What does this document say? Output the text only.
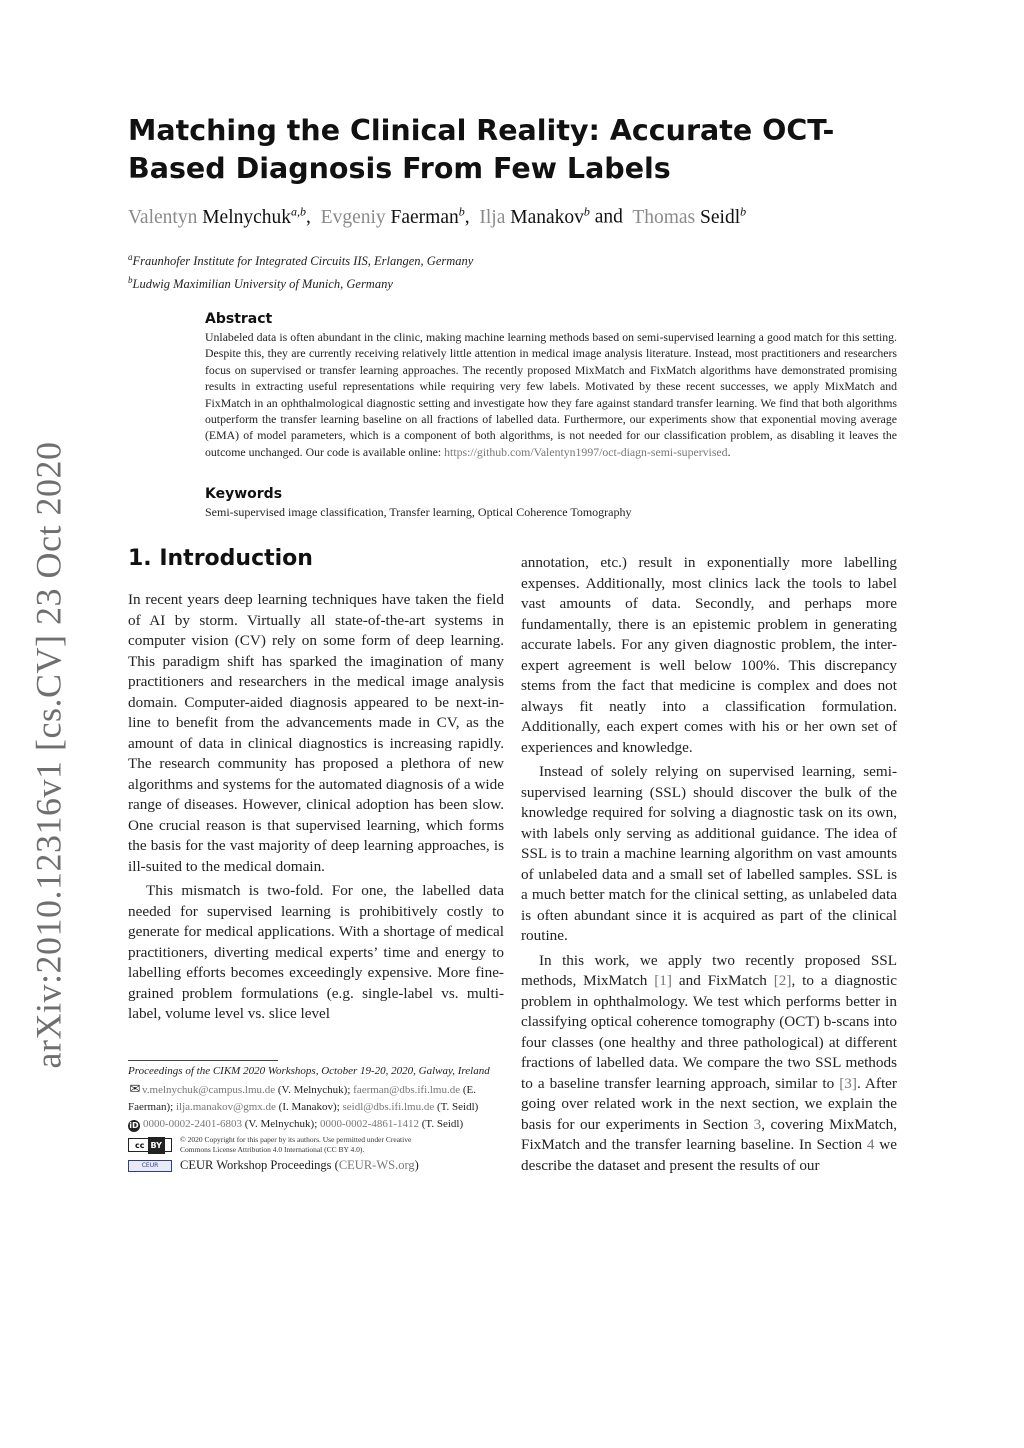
arXiv:2010.12316v1 [cs.CV] 23 Oct 2020
Matching the Clinical Reality: Accurate OCT-Based Diagnosis From Few Labels
Valentyn Melnychuk$^{a,b}$, Evgeniy Faerman$^b$, Ilja Manakov$^b$ and Thomas Seidl$^b$
$^a$Fraunhofer Institute for Integrated Circuits IIS, Erlangen, Germany
$^b$Ludwig Maximilian University of Munich, Germany
Abstract

Unlabeled data is often abundant in the clinic, making machine learning methods based on semi-supervised learning a good match for this setting. Despite this, they are currently receiving relatively little attention in medical image analysis literature. Instead, most practitioners and researchers focus on supervised or transfer learning approaches. The recently proposed MixMatch and FixMatch algorithms have demonstrated promising results in extracting useful representations while requiring very few labels. Motivated by these recent successes, we apply MixMatch and FixMatch in an ophthalmological diagnostic setting and investigate how they fare against standard transfer learning. We find that both algorithms outperform the transfer learning baseline on all fractions of labelled data. Furthermore, our experiments show that exponential moving average (EMA) of model parameters, which is a component of both algorithms, is not needed for our classification problem, as disabling it leaves the outcome unchanged. Our code is available online: https://github.com/Valentyn1997/oct-diagn-semi-supervised.

Keywords

Semi-supervised image classification, Transfer learning, Optical Coherence Tomography

1. Introduction

In recent years deep learning techniques have taken the field of AI by storm. Virtually all state-of-the-art systems in computer vision (CV) rely on some form of deep learning. This paradigm shift has sparked the imagination of many practitioners and researchers in the medical image analysis domain. Computer-aided diagnosis appeared to be next-in-line to benefit from the advancements made in CV, as the amount of data in clinical diagnostics is increasing rapidly. The research community has proposed a plethora of new algorithms and systems for the automated diagnosis of a wide range of diseases. However, clinical adoption has been slow. One crucial reason is that supervised learning, which forms the basis for the vast majority of deep learning approaches, is ill-suited to the medical domain.

This mismatch is two-fold. For one, the labelled data needed for supervised learning is prohibitively costly to generate for medical applications. With a shortage of medical practitioners, diverting medical experts’ time and energy to labelling efforts becomes exceedingly expensive. More fine-grained problem formulations (e.g. single-label vs. multi-label, volume level vs. slice level

annotation, etc.) result in exponentially more labelling expenses. Additionally, most clinics lack the tools to label vast amounts of data. Secondly, and perhaps more fundamentally, there is an epistemic problem in generating accurate labels. For any given diagnostic problem, the inter-expert agreement is well below 100%. This discrepancy stems from the fact that medicine is complex and does not always fit neatly into a classification formulation. Additionally, each expert comes with his or her own set of experiences and knowledge.

Instead of solely relying on supervised learning, semi-supervised learning (SSL) should discover the bulk of the knowledge required for solving a diagnostic task on its own, with labels only serving as additional guidance. The idea of SSL is to train a machine learning algorithm on vast amounts of unlabeled data and a small set of labelled samples. SSL is a much better match for the clinical setting, as unlabeled data is often abundant since it is acquired as part of the clinical routine.

In this work, we apply two recently proposed SSL methods, MixMatch [1] and FixMatch [2], to a diagnostic problem in ophthalmology. We test which performs better in classifying optical coherence tomography (OCT) b-scans into four classes (one healthy and three pathological) at different fractions of labelled data. We compare the two SSL methods to a baseline transfer learning approach, similar to [3]. After going over related work in the next section, we explain the basis for our experiments in Section 3, covering MixMatch, FixMatch and the transfer learning baseline. In Section 4 we describe the dataset and present the results of our

Proceedings of the CIKM 2020 Workshops, October 19-20, 2020, Galway, Ireland
✉ v.melnychuk@campus.lmu.de (V. Melnychuk); faerman@dbs.ifi.lmu.de (E. Faerman); ilja.manakov@gmx.de (I. Manakov); seidl@dbs.ifi.lmu.de (T. Seidl)
iD 0000-0002-2401-6803 (V. Melnychuk); 0000-0002-4861-1412 (T. Seidl)
cc BY
© 2020 Copyright for this paper by its authors. Use permitted under Creative
Commons License Attribution 4.0 International (CC BY 4.0).
CEUR	CEUR Workshop Proceedings (CEUR-WS.org)
